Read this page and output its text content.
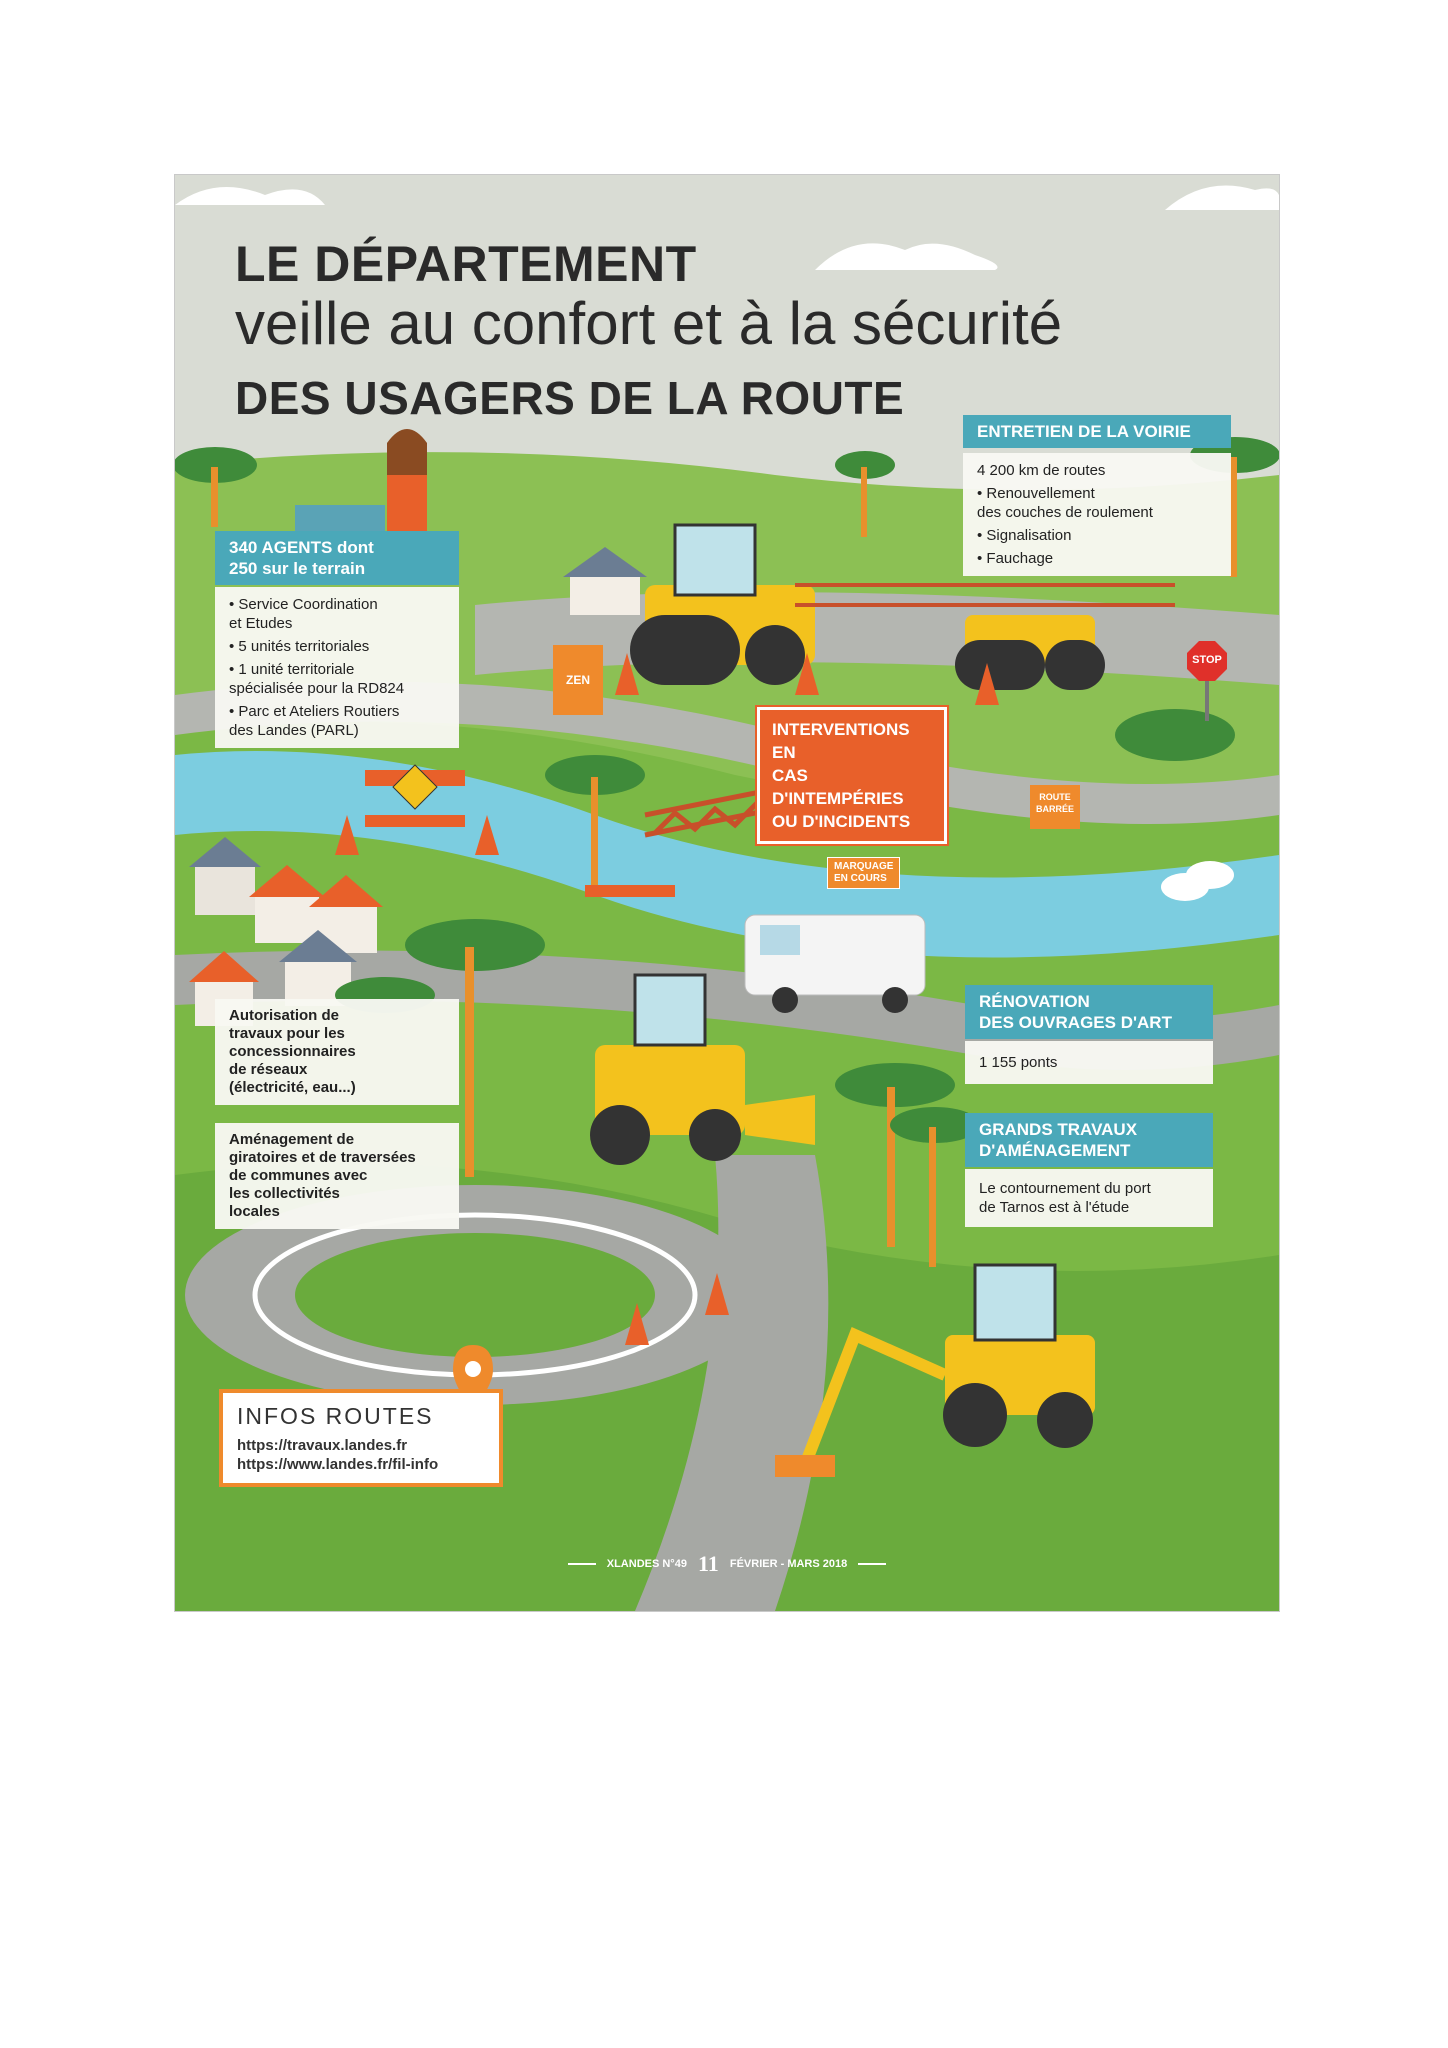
LE DÉPARTEMENT
veille au confort et à la sécurité
DES USAGERS DE LA ROUTE
340 AGENTS dont
250 sur le terrain
• Service Coordination
et Etudes
• 5 unités territoriales
• 1 unité territoriale
spécialisée pour la RD824
• Parc et Ateliers Routiers
des Landes (PARL)
ENTRETIEN DE LA VOIRIE
4 200 km de routes
• Renouvellement
des couches de roulement
• Signalisation
• Fauchage
INTERVENTIONS EN
CAS D'INTEMPÉRIES
OU D'INCIDENTS
MARQUAGE
EN COURS
RÉNOVATION
DES OUVRAGES D'ART
1 155 ponts
GRANDS TRAVAUX
D'AMÉNAGEMENT
Le contournement du port
de Tarnos est à l'étude
Autorisation de
travaux pour les
concessionnaires
de réseaux
(électricité, eau...)
Aménagement de
giratoires et de traversées
de communes avec
les collectivités
locales
STOP
ZEN
ROUTE
BARRÉE
INFOS ROUTES
https://travaux.landes.fr
https://www.landes.fr/fil-info
XLANDES N°49 11 FÉVRIER - MARS 2018
